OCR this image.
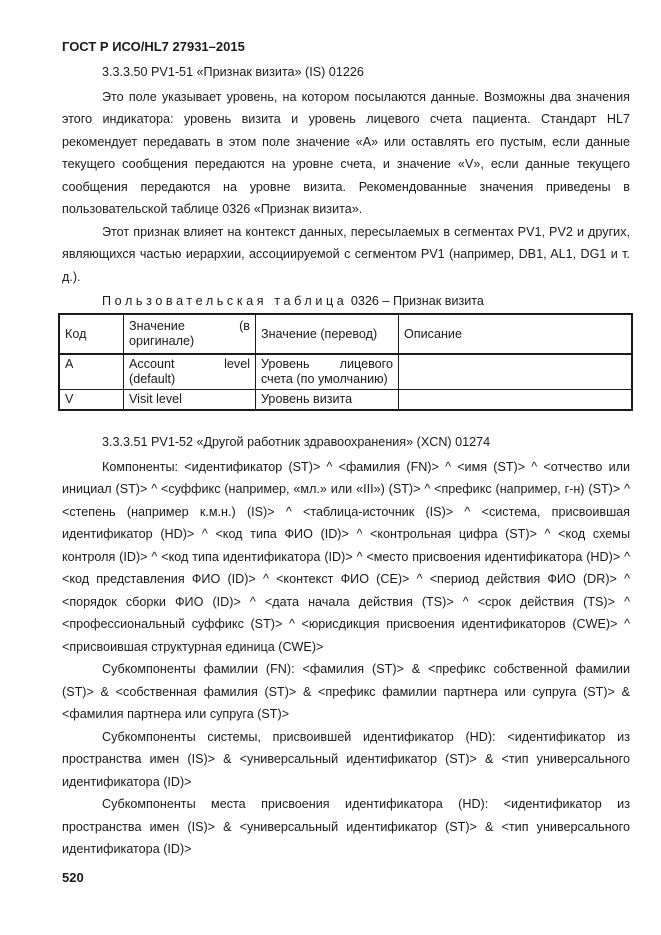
ГОСТ Р ИСО/HL7 27931–2015

3.3.3.50 PV1-51 «Признак визита» (IS) 01226

Это поле указывает уровень, на котором посылаются данные. Возможны два значения этого индикатора: уровень визита и уровень лицевого счета пациента. Стандарт HL7 рекомендует передавать в этом поле значение «A» или оставлять его пустым, если данные текущего сообщения передаются на уровне счета, и значение «V», если данные текущего сообщения передаются на уровне визита. Рекомендованные значения приведены в пользовательской таблице 0326 «Признак визита».

Этот признак влияет на контекст данных, пересылаемых в сегментах PV1, PV2 и других, являющихся частью иерархии, ассоциируемой с сегментом PV1 (например, DB1, AL1, DG1 и т. д.).

Пользовательская таблица 0326 – Признак визита
Код	Значение (в оригинале)	Значение (перевод)	Описание
A	Account level (default)	Уровень лицевого счета (по умолчанию)	
V	Visit level	Уровень визита	

3.3.3.51 PV1-52 «Другой работник здравоохранения» (XCN) 01274

Компоненты: <идентификатор (ST)> ^ <фамилия (FN)> ^ <имя (ST)> ^ <отчество или инициал (ST)> ^ <суффикс (например, «мл.» или «III») (ST)> ^ <префикс (например, г-н) (ST)> ^ <степень (например к.м.н.) (IS)> ^ <таблица-источник (IS)> ^ <система, присвоившая идентификатор (HD)> ^ <код типа ФИО (ID)> ^ <контрольная цифра (ST)> ^ <код схемы контроля (ID)> ^ <код типа идентификатора (ID)> ^ <место присвоения идентификатора (HD)> ^ <код представления ФИО (ID)> ^ <контекст ФИО (CE)> ^ <период действия ФИО (DR)> ^ <порядок сборки ФИО (ID)> ^ <дата начала действия (TS)> ^ <срок действия (TS)> ^ <профессиональный суффикс (ST)> ^ <юрисдикция присвоения идентификаторов (CWE)> ^ <присвоившая структурная единица (CWE)>

Субкомпоненты фамилии (FN): <фамилия (ST)> & <префикс собственной фамилии (ST)> & <собственная фамилия (ST)> & <префикс фамилии партнера или супруга (ST)> & <фамилия партнера или супруга (ST)>

Субкомпоненты системы, присвоившей идентификатор (HD): <идентификатор из пространства имен (IS)> & <универсальный идентификатор (ST)> & <тип универсального идентификатора (ID)>

Субкомпоненты места присвоения идентификатора (HD): <идентификатор из пространства имен (IS)> & <универсальный идентификатор (ST)> & <тип универсального идентификатора (ID)>

520
